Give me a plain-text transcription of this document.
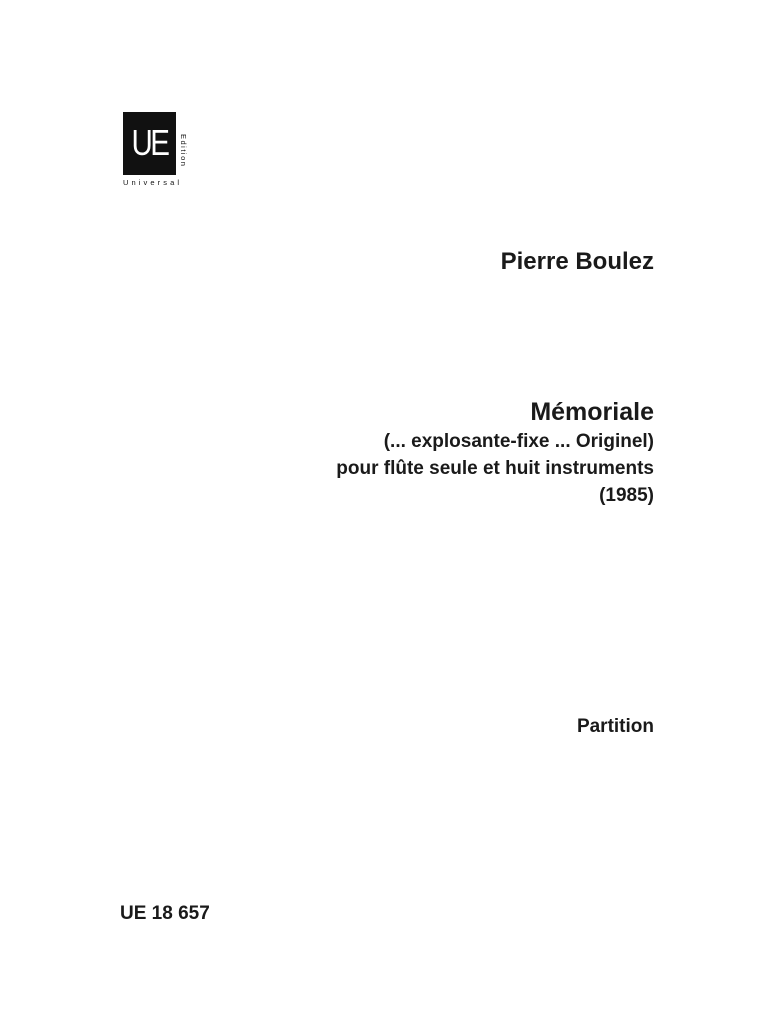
UE	Edition
Universal
Pierre Boulez
Mémoriale
(... explosante-fixe ... Originel)
pour flûte seule et huit instruments
(1985)
Partition
UE 18 657
